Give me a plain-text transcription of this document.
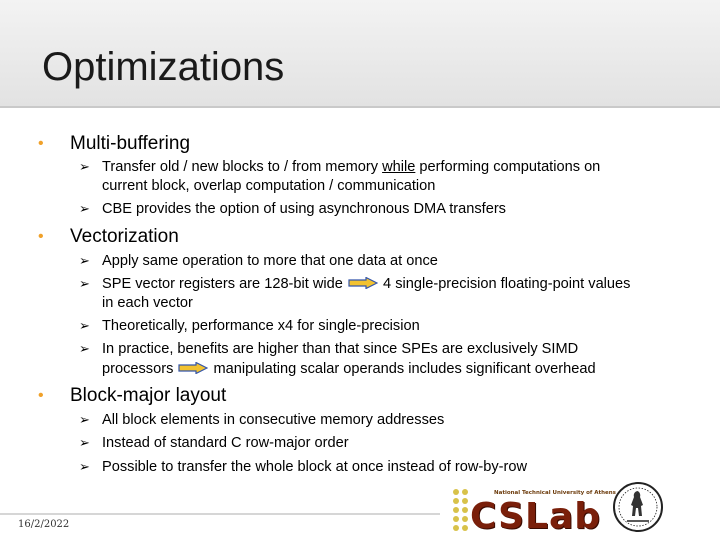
Optimizations
• Multi-buffering
➢ Transfer old / new blocks to / from memory while performing computations on
current block, overlap computation / communication
➢ CBE provides the option of using asynchronous DMA transfers
• Vectorization
➢ Apply same operation to more that one data at once
➢ SPE vector registers are 128-bit wide	4 single-precision floating-point values
in each vector
➢ Theoretically, performance x4 for single-precision
➢ In practice, benefits are higher than that since SPEs are exclusively SIMD
processors	manipulating scalar operands includes significant overhead
• Block-major layout
➢ All block elements in consecutive memory addresses
➢ Instead of standard C row-major order
➢ Possible to transfer the whole block at once instead of row-by-row
16/2/2022
National Technical University of Athens
CSLab
